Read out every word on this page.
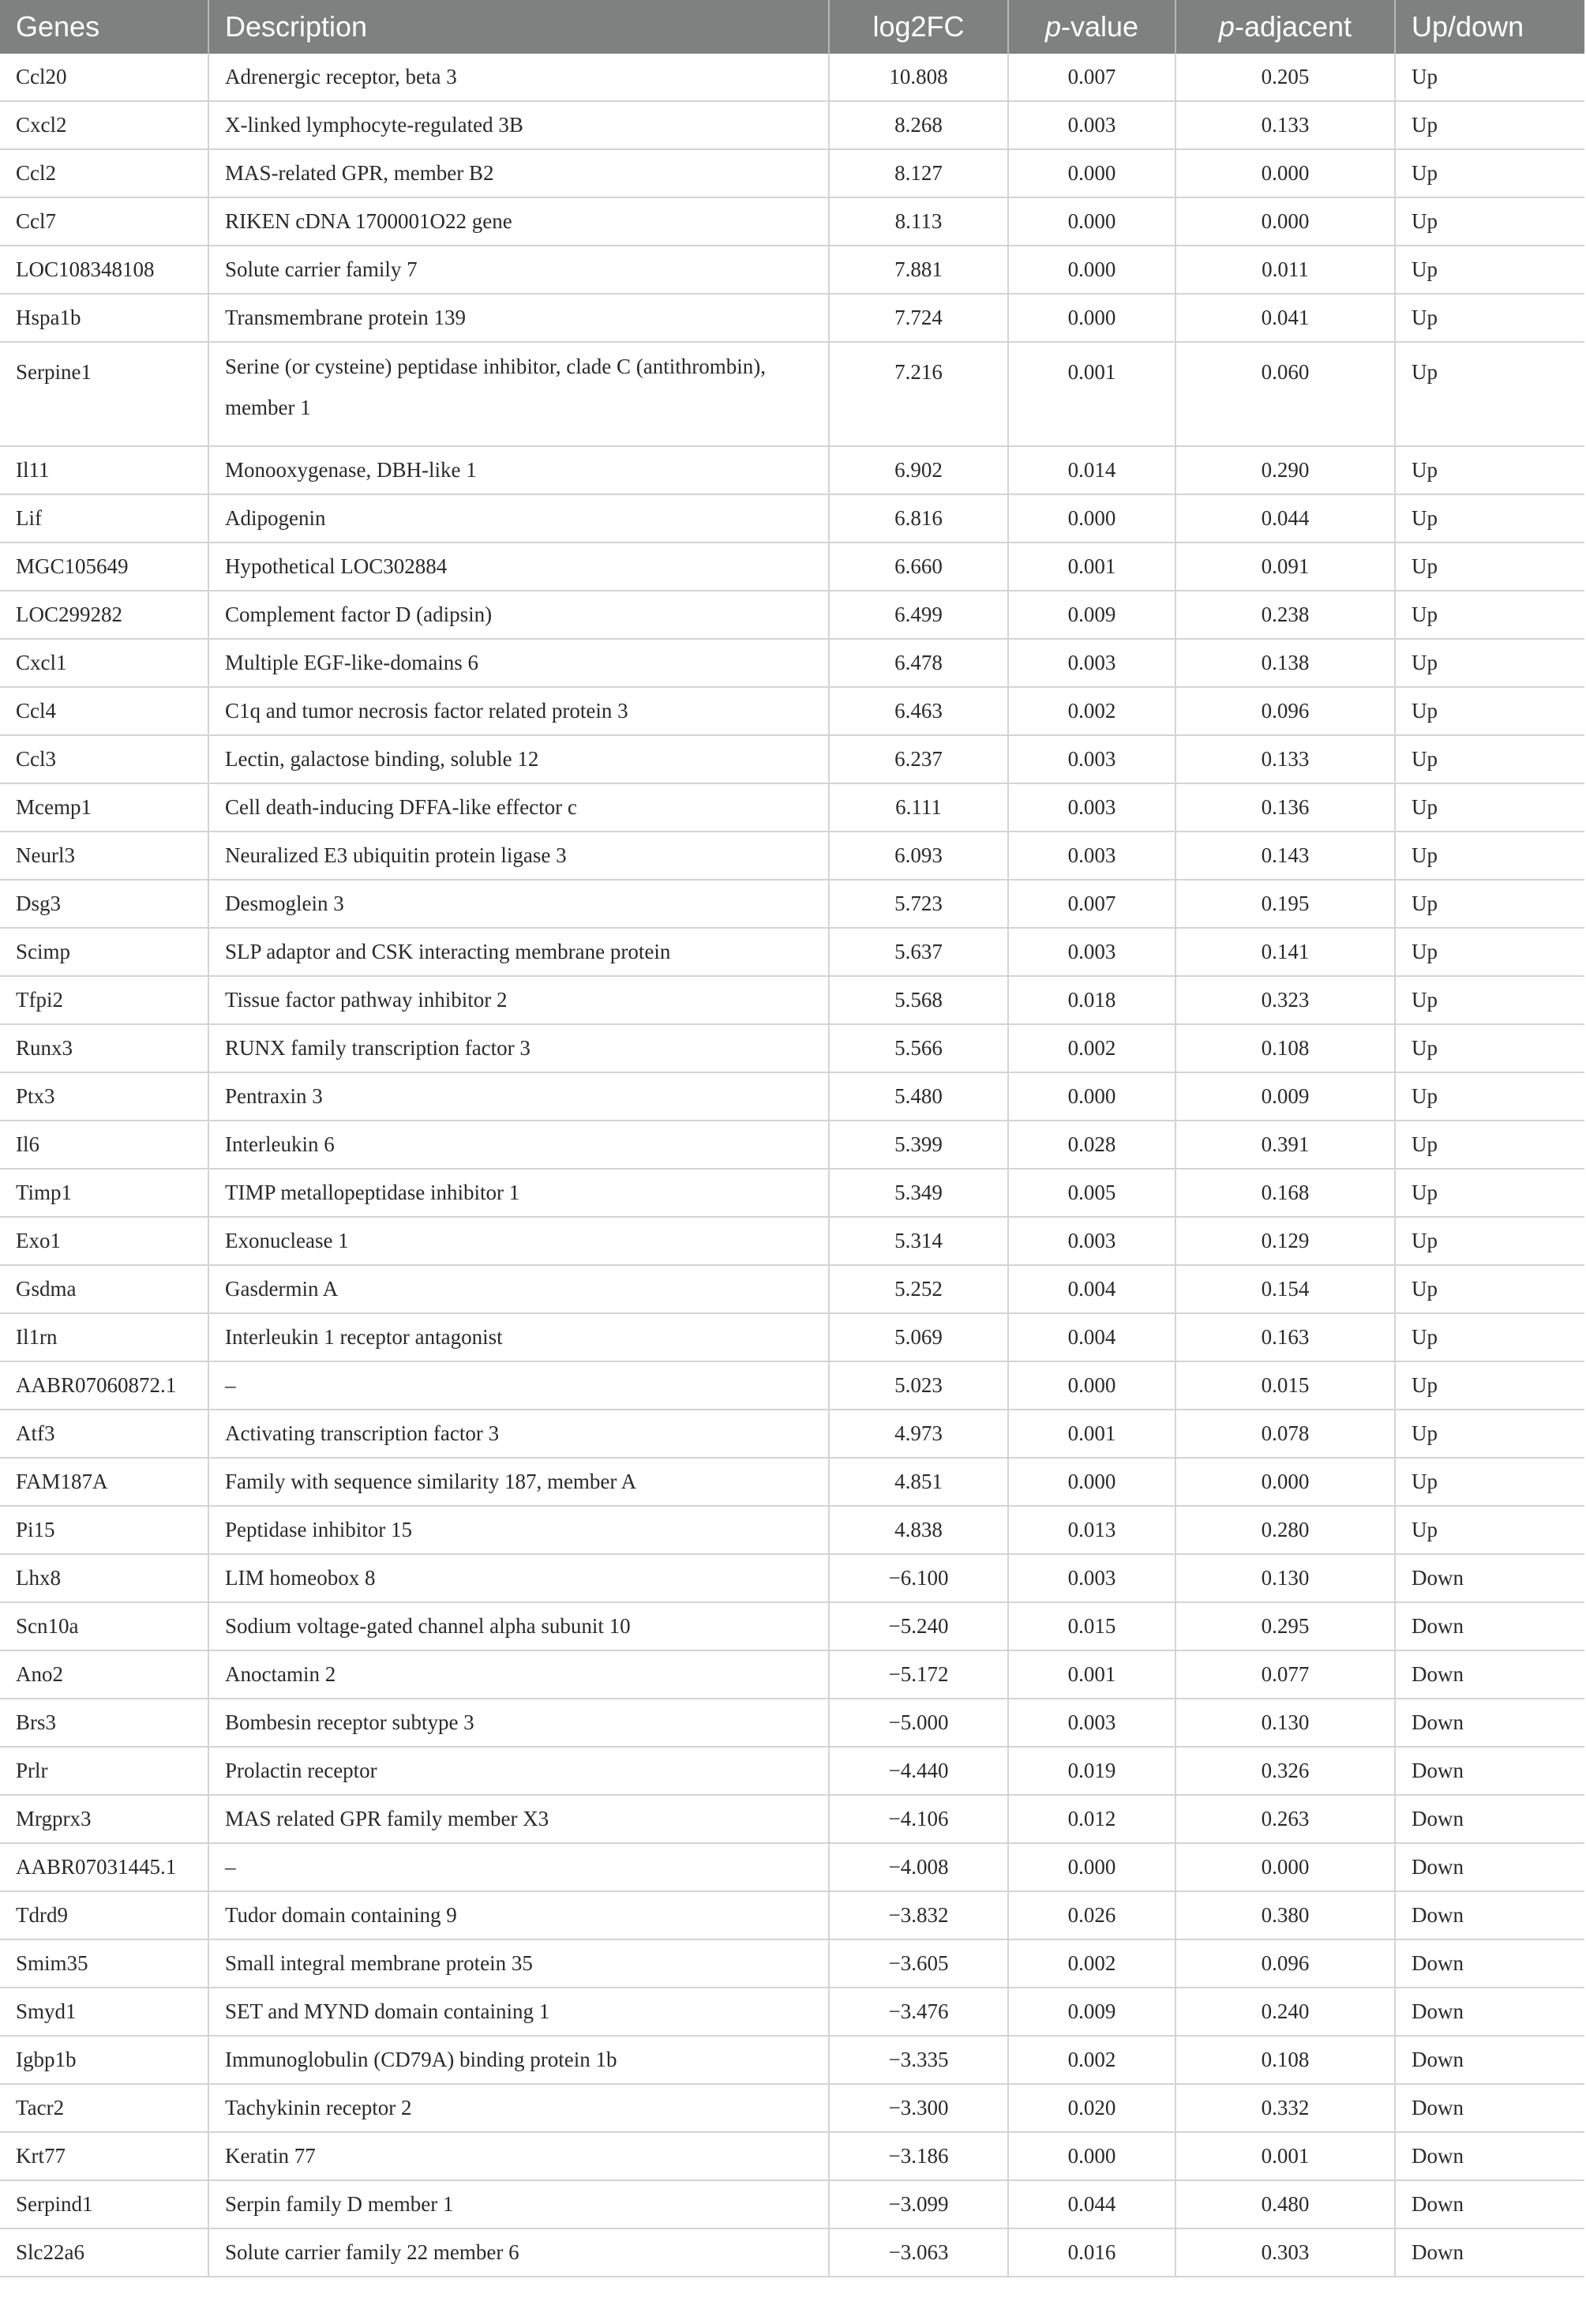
Genes	Description	log2FC	p-value	p-adjacent	Up/down
Ccl20	Adrenergic receptor, beta 3	10.808	0.007	0.205	Up
Cxcl2	X-linked lymphocyte-regulated 3B	8.268	0.003	0.133	Up
Ccl2	MAS-related GPR, member B2	8.127	0.000	0.000	Up
Ccl7	RIKEN cDNA 1700001O22 gene	8.113	0.000	0.000	Up
LOC108348108	Solute carrier family 7	7.881	0.000	0.011	Up
Hspa1b	Transmembrane protein 139	7.724	0.000	0.041	Up
Serpine1	Serine (or cysteine) peptidase inhibitor, clade C (antithrombin), member 1	7.216	0.001	0.060	Up
Il11	Monooxygenase, DBH-like 1	6.902	0.014	0.290	Up
Lif	Adipogenin	6.816	0.000	0.044	Up
MGC105649	Hypothetical LOC302884	6.660	0.001	0.091	Up
LOC299282	Complement factor D (adipsin)	6.499	0.009	0.238	Up
Cxcl1	Multiple EGF-like-domains 6	6.478	0.003	0.138	Up
Ccl4	C1q and tumor necrosis factor related protein 3	6.463	0.002	0.096	Up
Ccl3	Lectin, galactose binding, soluble 12	6.237	0.003	0.133	Up
Mcemp1	Cell death-inducing DFFA-like effector c	6.111	0.003	0.136	Up
Neurl3	Neuralized E3 ubiquitin protein ligase 3	6.093	0.003	0.143	Up
Dsg3	Desmoglein 3	5.723	0.007	0.195	Up
Scimp	SLP adaptor and CSK interacting membrane protein	5.637	0.003	0.141	Up
Tfpi2	Tissue factor pathway inhibitor 2	5.568	0.018	0.323	Up
Runx3	RUNX family transcription factor 3	5.566	0.002	0.108	Up
Ptx3	Pentraxin 3	5.480	0.000	0.009	Up
Il6	Interleukin 6	5.399	0.028	0.391	Up
Timp1	TIMP metallopeptidase inhibitor 1	5.349	0.005	0.168	Up
Exo1	Exonuclease 1	5.314	0.003	0.129	Up
Gsdma	Gasdermin A	5.252	0.004	0.154	Up
Il1rn	Interleukin 1 receptor antagonist	5.069	0.004	0.163	Up
AABR07060872.1	–	5.023	0.000	0.015	Up
Atf3	Activating transcription factor 3	4.973	0.001	0.078	Up
FAM187A	Family with sequence similarity 187, member A	4.851	0.000	0.000	Up
Pi15	Peptidase inhibitor 15	4.838	0.013	0.280	Up
Lhx8	LIM homeobox 8	−6.100	0.003	0.130	Down
Scn10a	Sodium voltage-gated channel alpha subunit 10	−5.240	0.015	0.295	Down
Ano2	Anoctamin 2	−5.172	0.001	0.077	Down
Brs3	Bombesin receptor subtype 3	−5.000	0.003	0.130	Down
Prlr	Prolactin receptor	−4.440	0.019	0.326	Down
Mrgprx3	MAS related GPR family member X3	−4.106	0.012	0.263	Down
AABR07031445.1	–	−4.008	0.000	0.000	Down
Tdrd9	Tudor domain containing 9	−3.832	0.026	0.380	Down
Smim35	Small integral membrane protein 35	−3.605	0.002	0.096	Down
Smyd1	SET and MYND domain containing 1	−3.476	0.009	0.240	Down
Igbp1b	Immunoglobulin (CD79A) binding protein 1b	−3.335	0.002	0.108	Down
Tacr2	Tachykinin receptor 2	−3.300	0.020	0.332	Down
Krt77	Keratin 77	−3.186	0.000	0.001	Down
Serpind1	Serpin family D member 1	−3.099	0.044	0.480	Down
Slc22a6	Solute carrier family 22 member 6	−3.063	0.016	0.303	Down
